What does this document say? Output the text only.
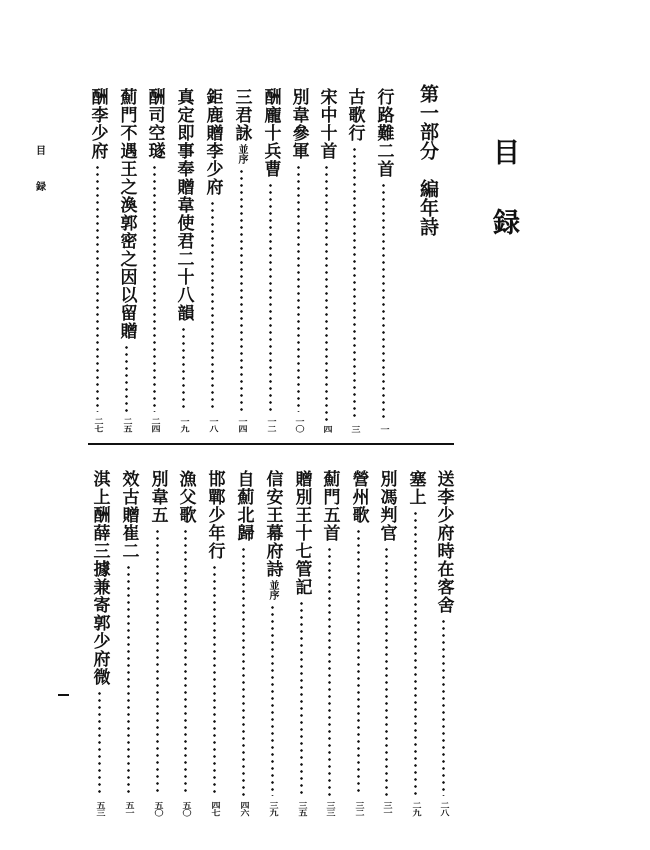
目
録
第一部分　編年詩
行路難二首
一
古歌行
三
宋中十首
四
別韋參軍
一〇
酬龐十兵曹
一二
三君詠
並序
一四
鉅鹿贈李少府
一八
真定即事奉贈韋使君二十八韻
一九
酬司空璲
二四
薊門不遇王之渙郭密之因以留贈
二五
酬李少府
二七
送李少府時在客舍
二八
塞上
二九
別馮判官
三一
營州歌
三二
薊門五首
三三
贈別王十七管記
三五
信安王幕府詩
並序
三九
自薊北歸
四六
邯鄲少年行
四七
漁父歌
五〇
別韋五
五〇
效古贈崔二
五一
淇上酬薛三據兼寄郭少府微
五三
目
録
